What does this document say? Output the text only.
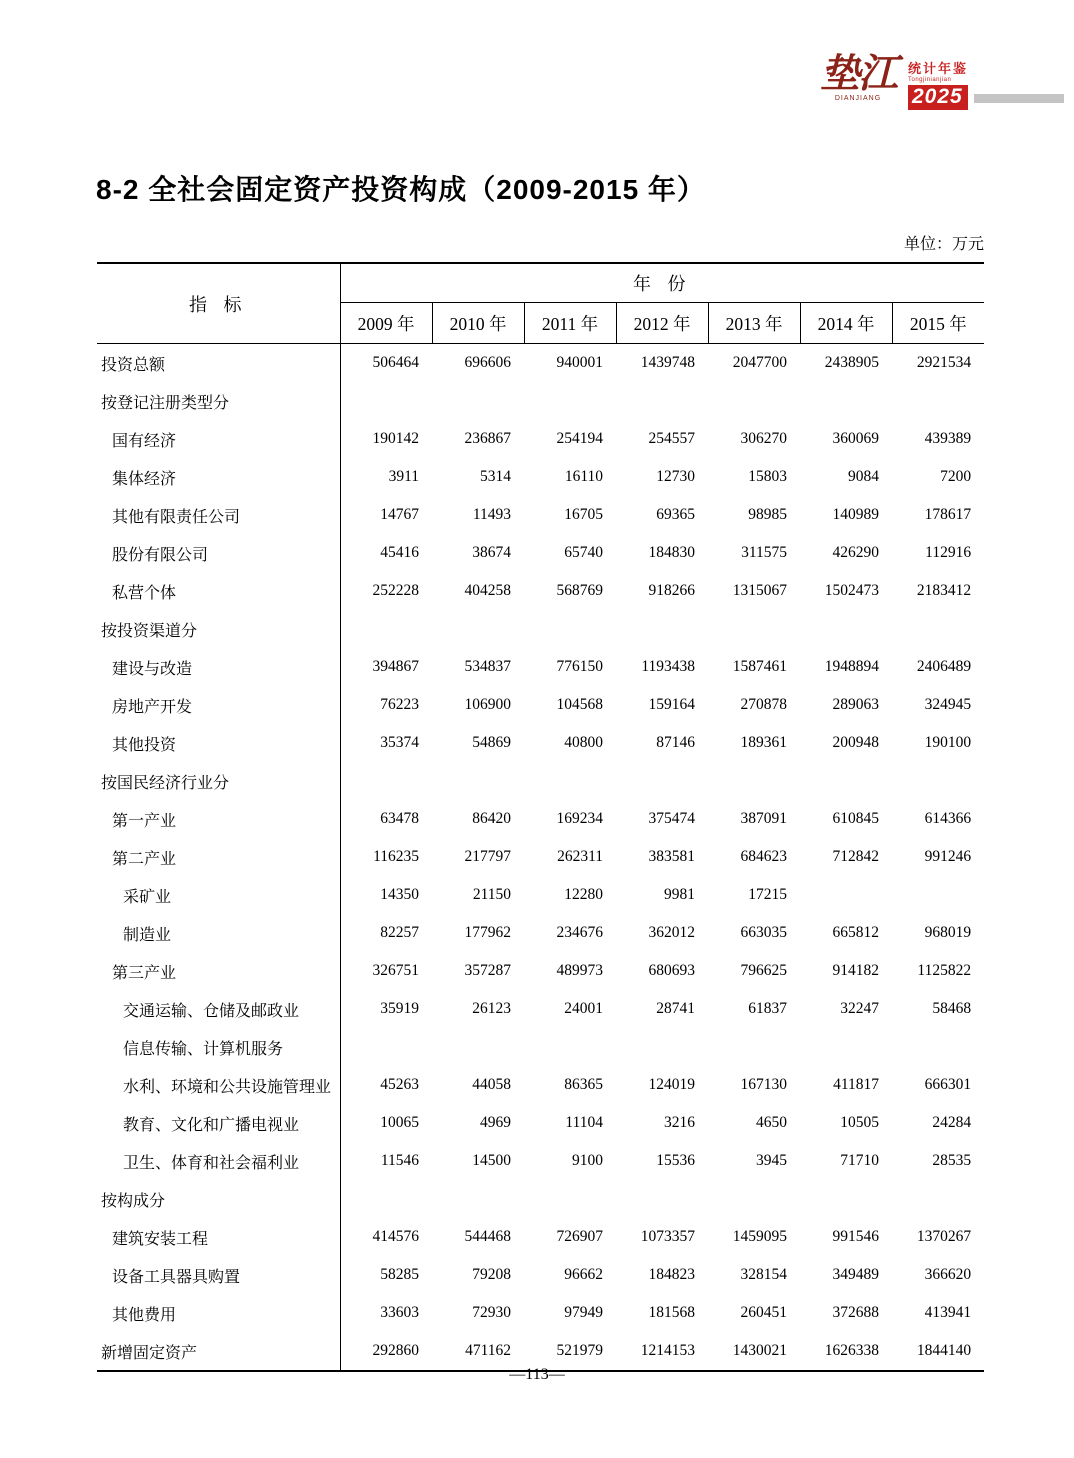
垫江
DIANJIANG
统计年鉴
Tongjinianjian
2025
8-2 全社会固定资产投资构成（2009-2015 年）
单位：万元
指 标	年 份						
	2009 年	2010 年	2011 年	2012 年	2013 年	2014 年	2015 年
投资总额	506464	696606	940001	1439748	2047700	2438905	2921534
按登记注册类型分							
国有经济	190142	236867	254194	254557	306270	360069	439389
集体经济	3911	5314	16110	12730	15803	9084	7200
其他有限责任公司	14767	11493	16705	69365	98985	140989	178617
股份有限公司	45416	38674	65740	184830	311575	426290	112916
私营个体	252228	404258	568769	918266	1315067	1502473	2183412
按投资渠道分							
建设与改造	394867	534837	776150	1193438	1587461	1948894	2406489
房地产开发	76223	106900	104568	159164	270878	289063	324945
其他投资	35374	54869	40800	87146	189361	200948	190100
按国民经济行业分							
第一产业	63478	86420	169234	375474	387091	610845	614366
第二产业	116235	217797	262311	383581	684623	712842	991246
采矿业	14350	21150	12280	9981	17215		
制造业	82257	177962	234676	362012	663035	665812	968019
第三产业	326751	357287	489973	680693	796625	914182	1125822
交通运输、仓储及邮政业	35919	26123	24001	28741	61837	32247	58468
信息传输、计算机服务							
水利、环境和公共设施管理业	45263	44058	86365	124019	167130	411817	666301
教育、文化和广播电视业	10065	4969	11104	3216	4650	10505	24284
卫生、体育和社会福利业	11546	14500	9100	15536	3945	71710	28535
按构成分							
建筑安装工程	414576	544468	726907	1073357	1459095	991546	1370267
设备工具器具购置	58285	79208	96662	184823	328154	349489	366620
其他费用	33603	72930	97949	181568	260451	372688	413941
新增固定资产	292860	471162	521979	1214153	1430021	1626338	1844140
—113—
